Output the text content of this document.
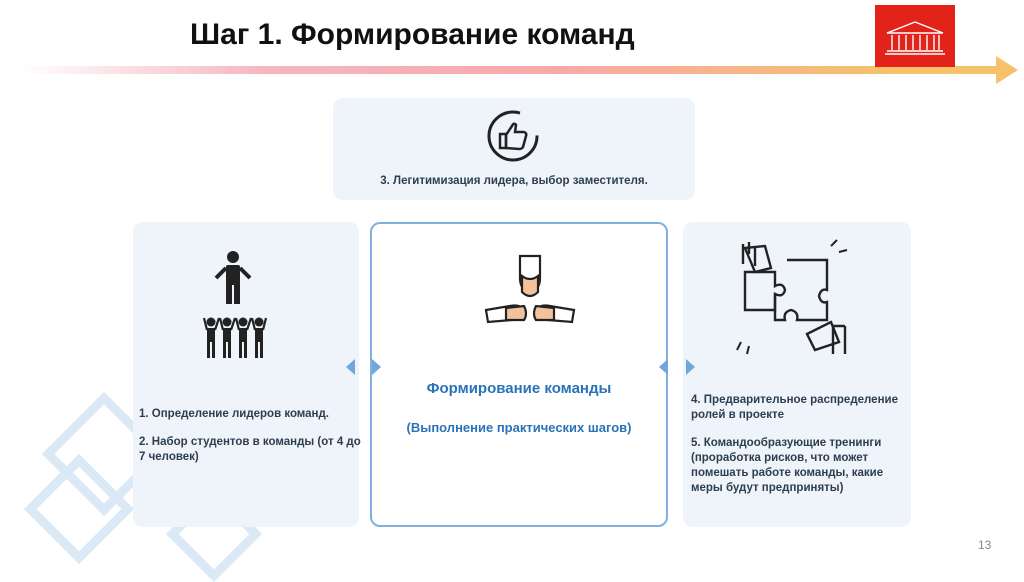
Шаг 1. Формирование команд
3. Легитимизация лидера, выбор заместителя.
1. Определение лидеров команд.
2. Набор студентов в команды (от 4 до 7 человек)
Формирование команды
(Выполнение практических шагов)
4. Предварительное распределение ролей в проекте
5. Командообразующие тренинги (проработка рисков, что может помешать работе команды, какие меры будут предприняты)
13
